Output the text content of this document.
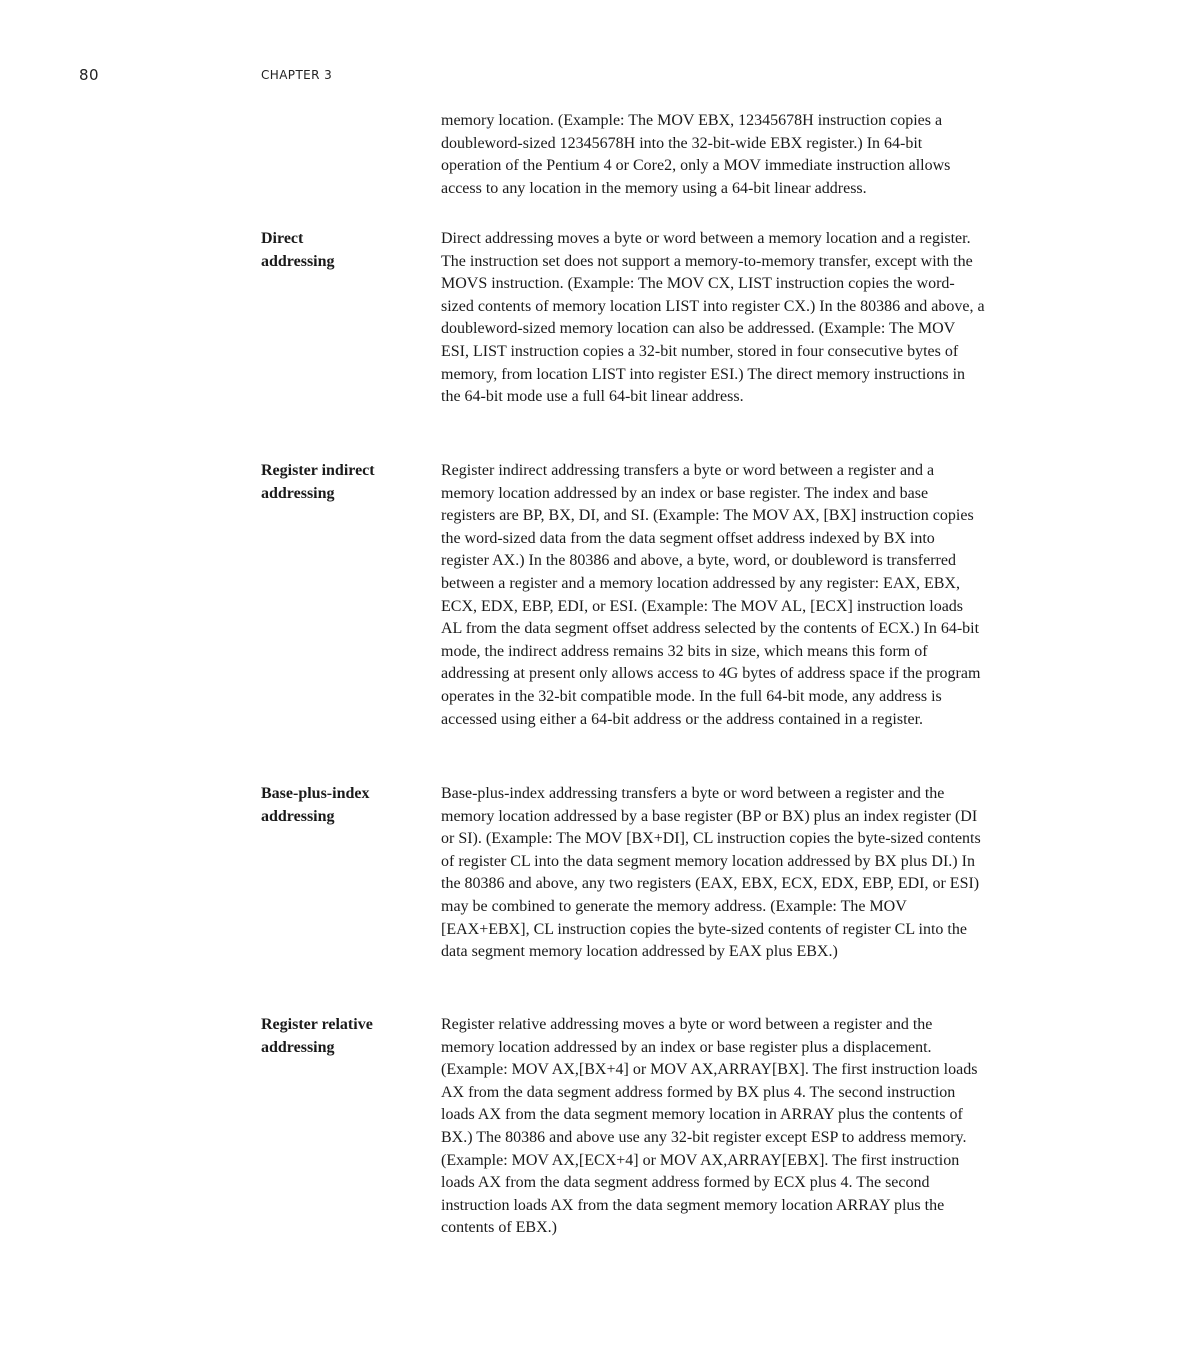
80	CHAPTER 3

memory location. (Example: The MOV EBX, 12345678H instruction copies a doubleword-sized 12345678H into the 32-bit-wide EBX register.) In 64-bit operation of the Pentium 4 or Core2, only a MOV immediate instruction allows access to any location in the memory using a 64-bit linear address.

Direct
addressing

Direct addressing moves a byte or word between a memory location and a register. The instruction set does not support a memory-to-memory transfer, except with the MOVS instruction. (Example: The MOV CX, LIST instruction copies the word-sized contents of memory location LIST into register CX.) In the 80386 and above, a doubleword-sized memory location can also be addressed. (Example: The MOV ESI, LIST instruction copies a 32-bit number, stored in four consecutive bytes of memory, from location LIST into register ESI.) The direct memory instructions in the 64-bit mode use a full 64-bit linear address.

Register indirect
addressing

Register indirect addressing transfers a byte or word between a register and a memory location addressed by an index or base register. The index and base registers are BP, BX, DI, and SI. (Example: The MOV AX, [BX] instruction copies the word-sized data from the data segment offset address indexed by BX into register AX.) In the 80386 and above, a byte, word, or doubleword is transferred between a register and a memory location addressed by any register: EAX, EBX, ECX, EDX, EBP, EDI, or ESI. (Example: The MOV AL, [ECX] instruction loads AL from the data segment offset address selected by the contents of ECX.) In 64-bit mode, the indirect address remains 32 bits in size, which means this form of addressing at present only allows access to 4G bytes of address space if the program operates in the 32-bit compatible mode. In the full 64-bit mode, any address is accessed using either a 64-bit address or the address contained in a register.

Base-plus-index
addressing

Base-plus-index addressing transfers a byte or word between a register and the memory location addressed by a base register (BP or BX) plus an index register (DI or SI). (Example: The MOV [BX+DI], CL instruction copies the byte-sized contents of register CL into the data segment memory location addressed by BX plus DI.) In the 80386 and above, any two registers (EAX, EBX, ECX, EDX, EBP, EDI, or ESI) may be combined to generate the memory address. (Example: The MOV [EAX+EBX], CL instruction copies the byte-sized contents of register CL into the data segment memory location addressed by EAX plus EBX.)

Register relative
addressing

Register relative addressing moves a byte or word between a register and the memory location addressed by an index or base register plus a displacement. (Example: MOV AX,[BX+4] or MOV AX,ARRAY[BX]. The first instruction loads AX from the data segment address formed by BX plus 4. The second instruction loads AX from the data segment memory location in ARRAY plus the contents of BX.) The 80386 and above use any 32-bit register except ESP to address memory. (Example: MOV AX,[ECX+4] or MOV AX,ARRAY[EBX]. The first instruction loads AX from the data segment address formed by ECX plus 4. The second instruction loads AX from the data segment memory location ARRAY plus the contents of EBX.)
